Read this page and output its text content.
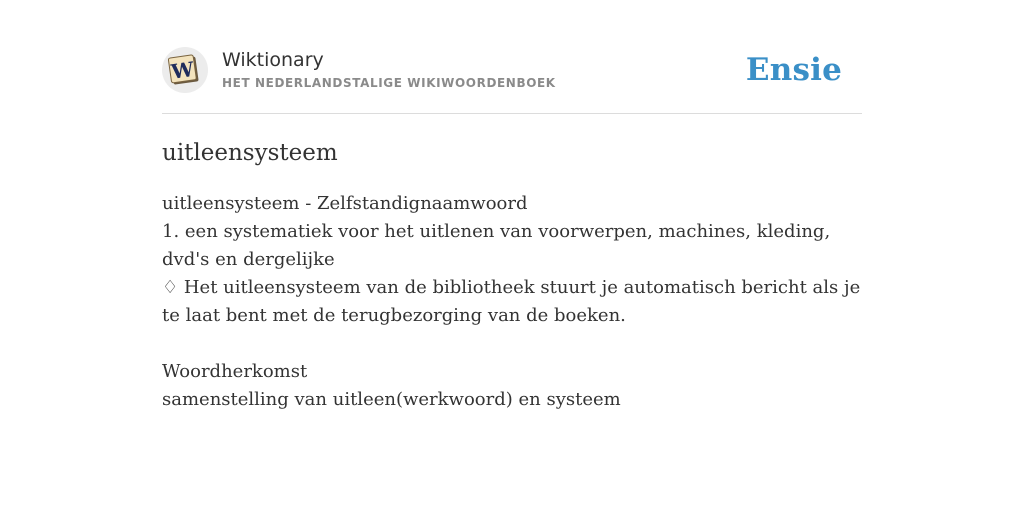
W Wiktionary
HET NEDERLANDSTALIGE WIKIWOORDENBOEK	Ensie
uitleensysteem

uitleensysteem - Zelfstandignaamwoord

1. een systematiek voor het uitlenen van voorwerpen, machines, kleding, dvd's en dergelijke

♢ Het uitleensysteem van de bibliotheek stuurt je automatisch bericht als je te laat bent met de terugbezorging van de boeken.

Woordherkomst

samenstelling van uitleen(werkwoord) en systeem
